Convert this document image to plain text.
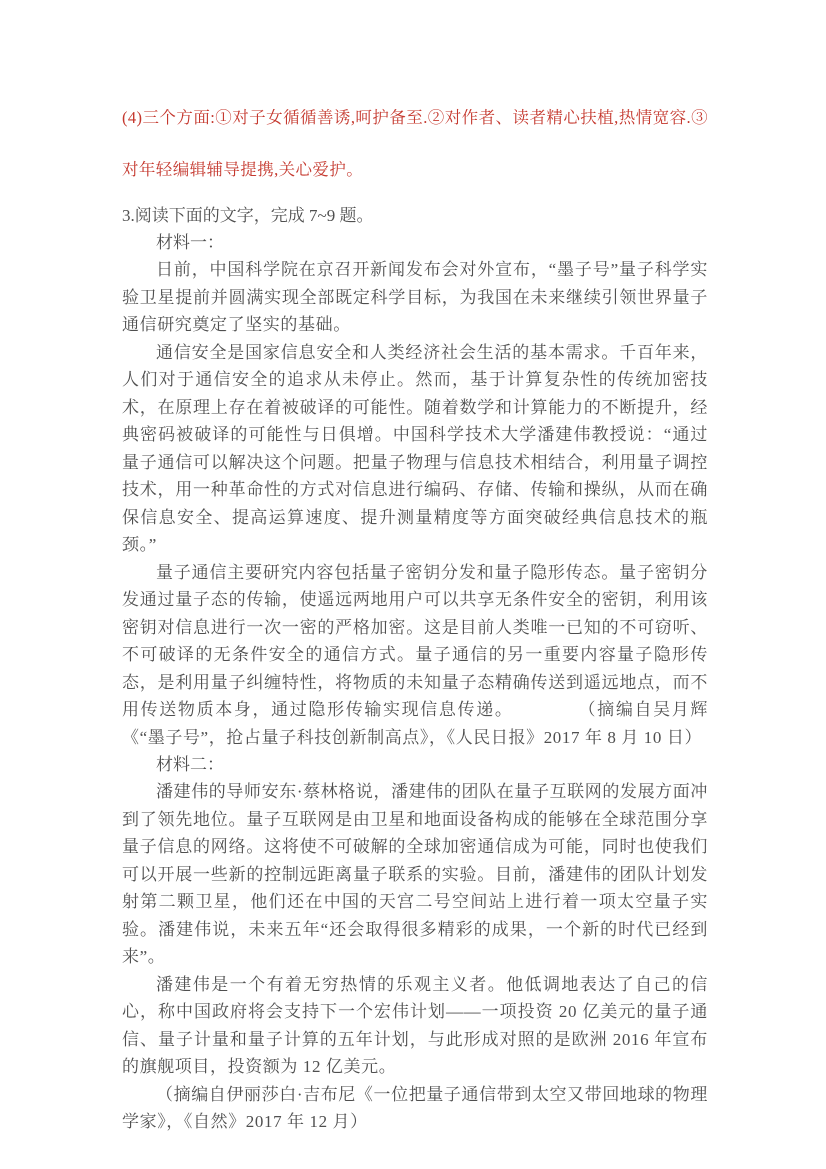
(4)三个方面:①对子女循循善诱,呵护备至.②对作者、读者精心扶植,热情宽容.③对年轻编辑辅导提携,关心爱护。

3.阅读下面的文字，完成 7~9 题。

材料一：

日前，中国科学院在京召开新闻发布会对外宣布，“墨子号”量子科学实验卫星提前并圆满实现全部既定科学目标，为我国在未来继续引领世界量子通信研究奠定了坚实的基础。

通信安全是国家信息安全和人类经济社会生活的基本需求。千百年来，人们对于通信安全的追求从未停止。然而，基于计算复杂性的传统加密技术，在原理上存在着被破译的可能性。随着数学和计算能力的不断提升，经典密码被破译的可能性与日俱增。中国科学技术大学潘建伟教授说：“通过量子通信可以解决这个问题。把量子物理与信息技术相结合，利用量子调控技术，用一种革命性的方式对信息进行编码、存储、传输和操纵，从而在确保信息安全、提高运算速度、提升测量精度等方面突破经典信息技术的瓶颈。”

量子通信主要研究内容包括量子密钥分发和量子隐形传态。量子密钥分发通过量子态的传输，使遥远两地用户可以共享无条件安全的密钥，利用该密钥对信息进行一次一密的严格加密。这是目前人类唯一已知的不可窃听、不可破译的无条件安全的通信方式。量子通信的另一重要内容量子隐形传态，是利用量子纠缠特性，将物质的未知量子态精确传送到遥远地点，而不用传送物质本身，通过隐形传输实现信息传递。	（摘编自吴月辉《“墨子号”，抢占量子科技创新制高点》，《人民日报》2017 年 8 月 10 日）

材料二：

潘建伟的导师安东·蔡林格说，潘建伟的团队在量子互联网的发展方面冲到了领先地位。量子互联网是由卫星和地面设备构成的能够在全球范围分享量子信息的网络。这将使不可破解的全球加密通信成为可能，同时也使我们可以开展一些新的控制远距离量子联系的实验。目前，潘建伟的团队计划发射第二颗卫星，他们还在中国的天宫二号空间站上进行着一项太空量子实验。潘建伟说，未来五年“还会取得很多精彩的成果，一个新的时代已经到来”。

潘建伟是一个有着无穷热情的乐观主义者。他低调地表达了自己的信心，称中国政府将会支持下一个宏伟计划——一项投资 20 亿美元的量子通信、量子计量和量子计算的五年计划，与此形成对照的是欧洲 2016 年宣布的旗舰项目，投资额为 12 亿美元。

（摘编自伊丽莎白·吉布尼《一位把量子通信带到太空又带回地球的物理学家》，《自然》2017 年 12 月）
